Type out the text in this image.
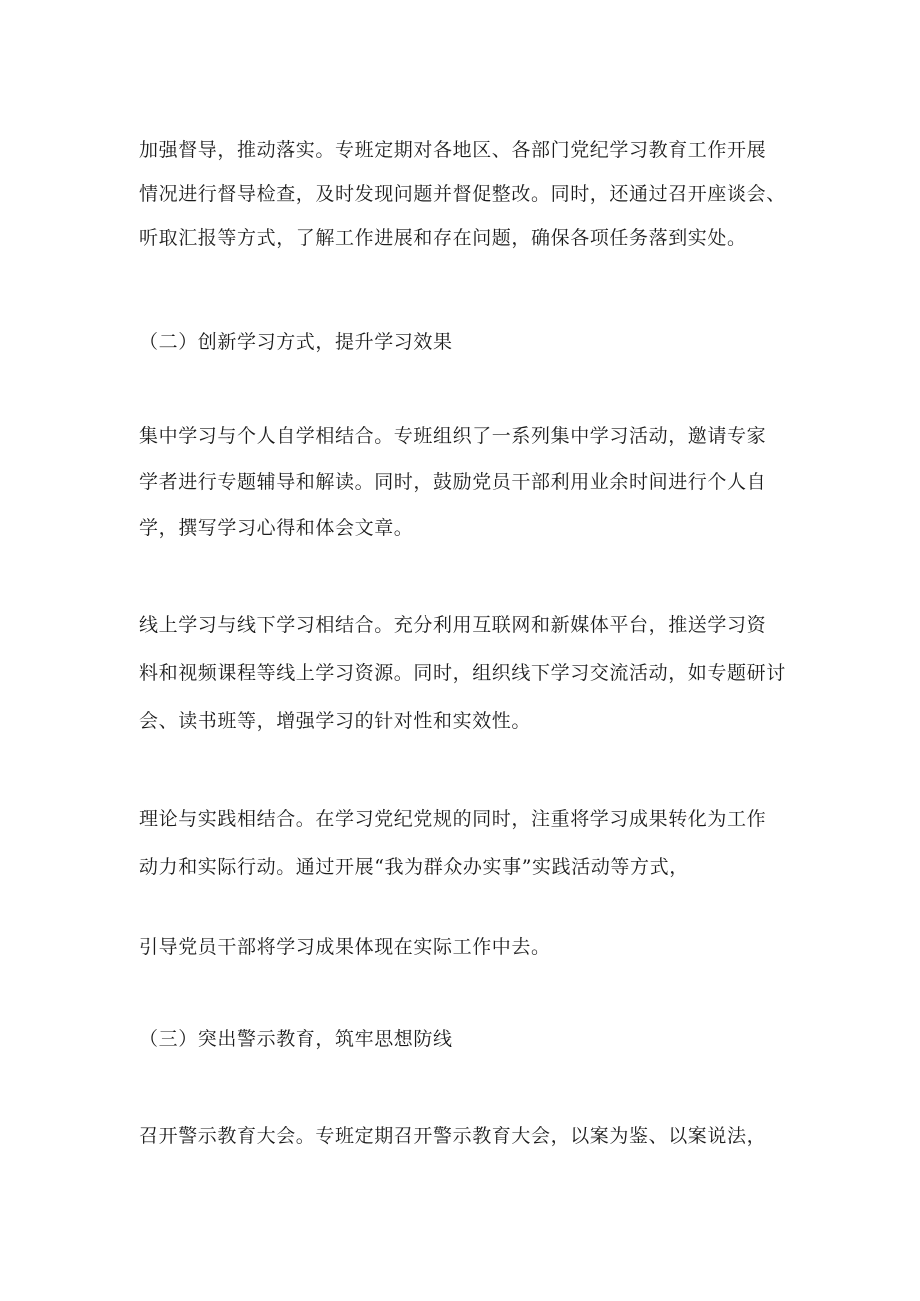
加强督导，推动落实。专班定期对各地区、各部门党纪学习教育工作开展
情况进行督导检查，及时发现问题并督促整改。同时，还通过召开座谈会、
听取汇报等方式，了解工作进展和存在问题，确保各项任务落到实处。
（二）创新学习方式，提升学习效果
集中学习与个人自学相结合。专班组织了一系列集中学习活动，邀请专家
学者进行专题辅导和解读。同时，鼓励党员干部利用业余时间进行个人自
学，撰写学习心得和体会文章。
线上学习与线下学习相结合。充分利用互联网和新媒体平台，推送学习资
料和视频课程等线上学习资源。同时，组织线下学习交流活动，如专题研讨
会、读书班等，增强学习的针对性和实效性。
理论与实践相结合。在学习党纪党规的同时，注重将学习成果转化为工作
动力和实际行动。通过开展“我为群众办实事”实践活动等方式，
引导党员干部将学习成果体现在实际工作中去。
（三）突出警示教育，筑牢思想防线
召开警示教育大会。专班定期召开警示教育大会，以案为鉴、以案说法，
